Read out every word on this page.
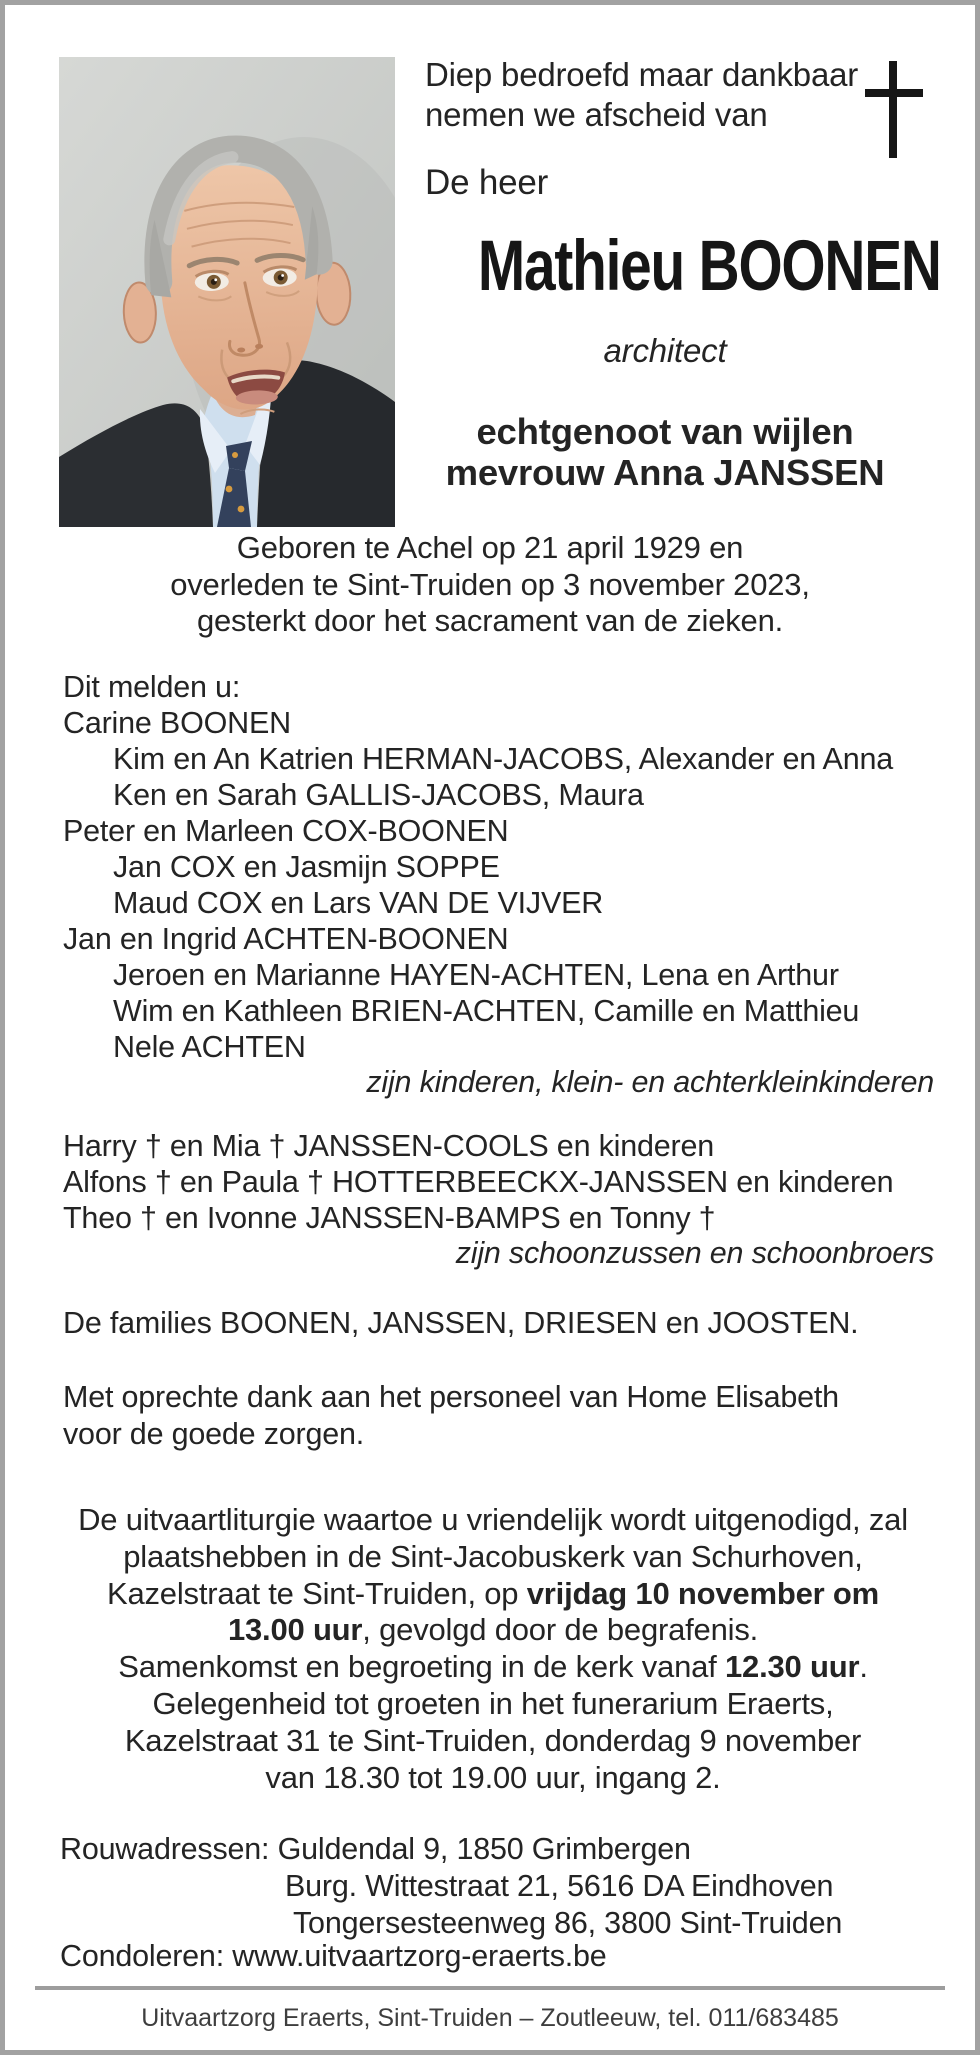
Diep bedroefd maar dankbaar
nemen we afscheid van
De heer
Mathieu BOONEN
architect
echtgenoot van wijlen
mevrouw Anna JANSSEN
Geboren te Achel op 21 april 1929 en
overleden te Sint-Truiden op 3 november 2023,
gesterkt door het sacrament van de zieken.
Dit melden u:
Carine BOONEN
Kim en An Katrien HERMAN-JACOBS, Alexander en Anna
Ken en Sarah GALLIS-JACOBS, Maura
Peter en Marleen COX-BOONEN
Jan COX en Jasmijn SOPPE
Maud COX en Lars VAN DE VIJVER
Jan en Ingrid ACHTEN-BOONEN
Jeroen en Marianne HAYEN-ACHTEN, Lena en Arthur
Wim en Kathleen BRIEN-ACHTEN, Camille en Matthieu
Nele ACHTEN
zijn kinderen, klein- en achterkleinkinderen
Harry † en Mia † JANSSEN-COOLS en kinderen
Alfons † en Paula † HOTTERBEECKX-JANSSEN en kinderen
Theo † en Ivonne JANSSEN-BAMPS en Tonny †
zijn schoonzussen en schoonbroers
De families BOONEN, JANSSEN, DRIESEN en JOOSTEN.
Met oprechte dank aan het personeel van Home Elisabeth
voor de goede zorgen.
De uitvaartliturgie waartoe u vriendelijk wordt uitgenodigd, zal
plaatshebben in de Sint-Jacobuskerk van Schurhoven,
Kazelstraat te Sint-Truiden, op vrijdag 10 november om
13.00 uur, gevolgd door de begrafenis.
Samenkomst en begroeting in de kerk vanaf 12.30 uur.
Gelegenheid tot groeten in het funerarium Eraerts,
Kazelstraat 31 te Sint-Truiden, donderdag 9 november
van 18.30 tot 19.00 uur, ingang 2.
Rouwadressen: Guldendal 9, 1850 Grimbergen
Burg. Wittestraat 21, 5616 DA Eindhoven
Tongersesteenweg 86, 3800 Sint-Truiden
Condoleren: www.uitvaartzorg-eraerts.be
Uitvaartzorg Eraerts, Sint-Truiden – Zoutleeuw, tel. 011/683485
